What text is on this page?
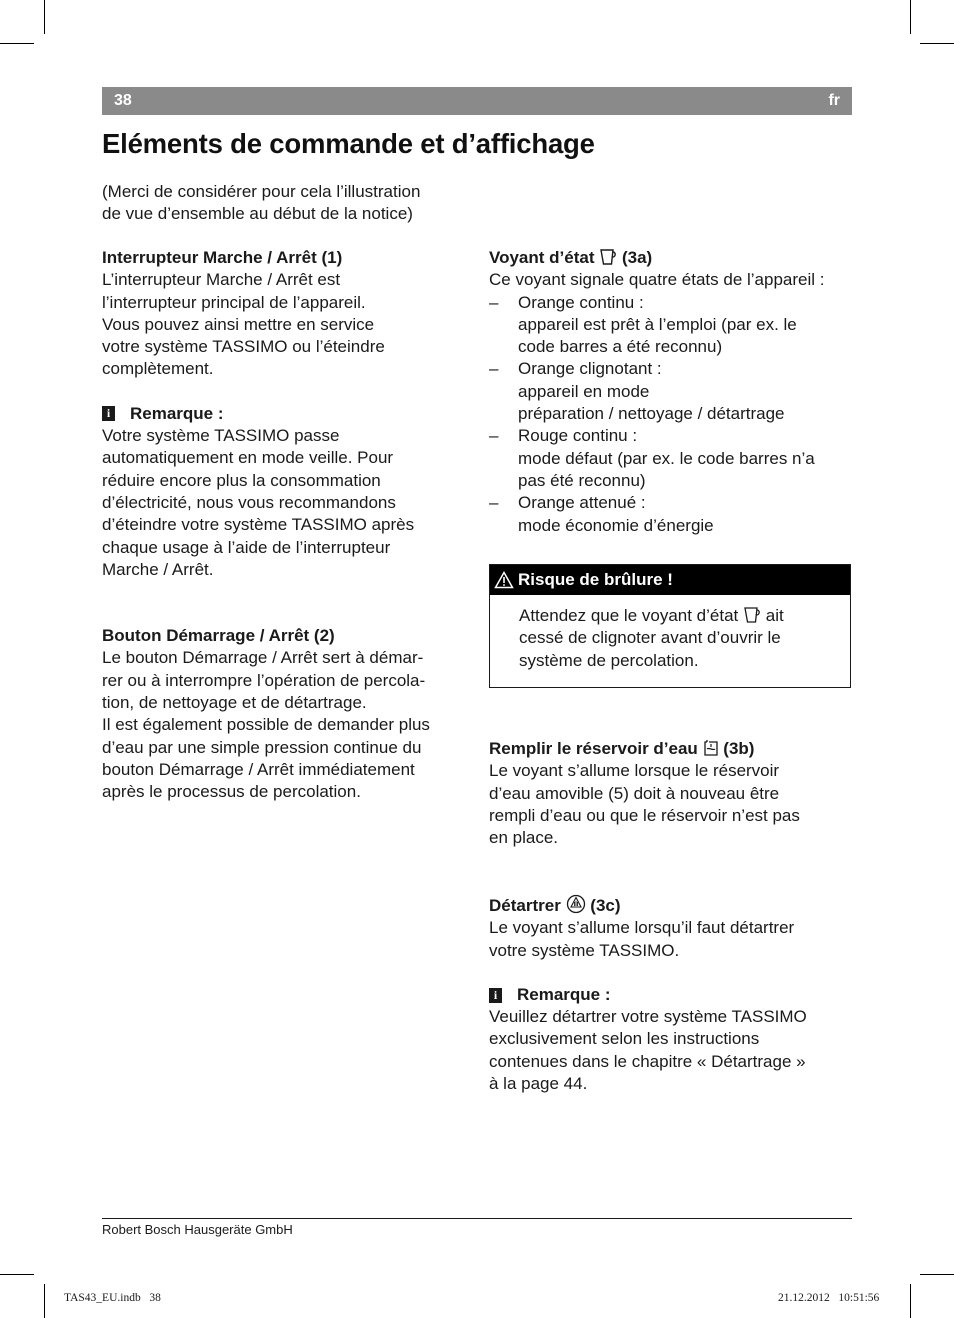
38	fr
Eléments de commande et d’affichage

(Merci de considérer pour cela l’illustration

de vue d’ensemble au début de la notice)

Interrupteur Marche / Arrêt (1)

L’interrupteur Marche / Arrêt est

l’interrupteur principal de l’appareil.

Vous pouvez ainsi mettre en service

votre système TASSIMO ou l’éteindre

complètement.

i Remarque :

Votre système TASSIMO passe

automatiquement en mode veille. Pour

réduire encore plus la consommation

d’électricité, nous vous recommandons

d’éteindre votre système TASSIMO après

chaque usage à l’aide de l’interrupteur

Marche / Arrêt.

Bouton Démarrage / Arrêt (2)

Le bouton Démarrage / Arrêt sert à démar-

rer ou à interrompre l’opération de percola-

tion, de nettoyage et de détartrage.

Il est également possible de demander plus

d’eau par une simple pression continue du

bouton Démarrage / Arrêt immédiatement

après le processus de percolation.

Voyant d’état (3a)

Ce voyant signale quatre états de l’appareil :

–	Orange continu :

appareil est prêt à l’emploi (par ex. le

code barres a été reconnu)

–	Orange clignotant :

appareil en mode

préparation / nettoyage / détartrage

–	Rouge continu :

mode défaut (par ex. le code barres n’a

pas été reconnu)

–	Orange attenué :

mode économie d’énergie

Risque de brûlure !

Attendez que le voyant d’état ait

cessé de clignoter avant d’ouvrir le

système de percolation.

Remplir le réservoir d’eau (3b)

Le voyant s’allume lorsque le réservoir

d’eau amovible (5) doit à nouveau être

rempli d’eau ou que le réservoir n’est pas

en place.

Détartrer (3c)

Le voyant s’allume lorsqu’il faut détartrer

votre système TASSIMO.

i Remarque :

Veuillez détartrer votre système TASSIMO

exclusivement selon les instructions

contenues dans le chapitre « Détartrage »

à la page 44.

Robert Bosch Hausgeräte GmbH
TAS43_EU.indb   38	21.12.2012   10:51:56
